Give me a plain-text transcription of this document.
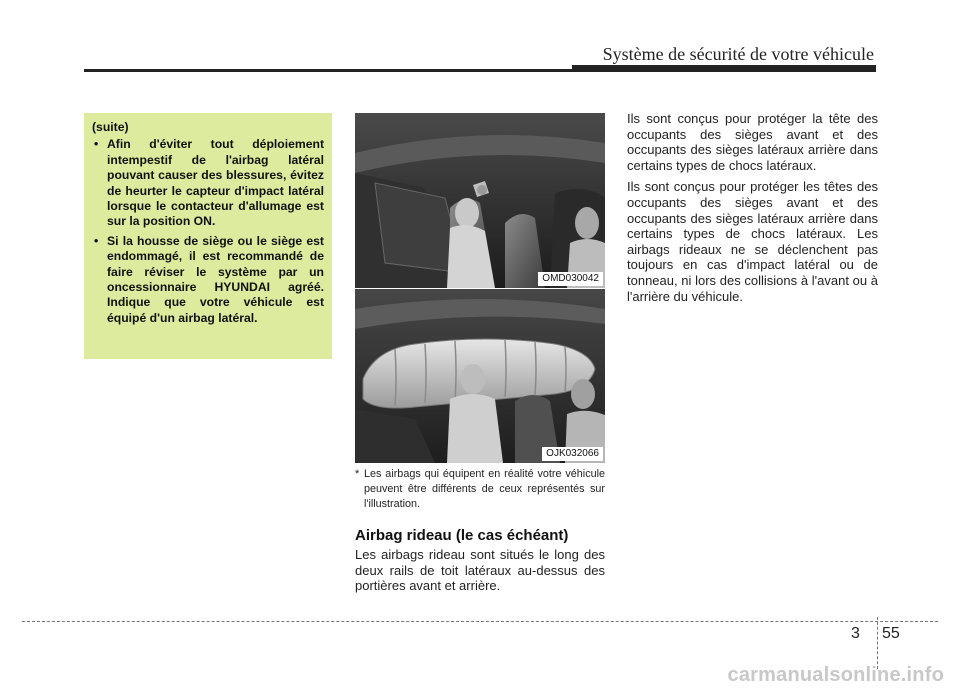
Système de sécurité de votre véhicule
(suite)
• Afin d'éviter tout déploiement intempestif de l'airbag latéral pouvant causer des blessures, évitez de heurter le capteur d'impact latéral lorsque le contacteur d'allumage est sur la position ON.
• Si la housse de siège ou le siège est endommagé, il est recommandé de faire réviser le système par un oncessionnaire HYUNDAI agréé. Indique que votre véhicule est équipé d'un airbag latéral.
OMD030042
OJK032066
* Les airbags qui équipent en réalité votre véhicule peuvent être différents de ceux représentés sur l'illustration.
Airbag rideau (le cas échéant)

Les airbags rideau sont situés le long des deux rails de toit latéraux au-dessus des portières avant et arrière.

Ils sont conçus pour protéger la tête des occupants des sièges avant et des occupants des sièges latéraux arrière dans certains types de chocs latéraux.

Ils sont conçus pour protéger les têtes des occupants des sièges avant et des occupants des sièges latéraux arrière dans certains types de chocs latéraux. Les airbags rideaux ne se déclenchent pas toujours en cas d'impact latéral ou de tonneau, ni lors des collisions à l'avant ou à l'arrière du véhicule.

3 55
carmanualsonline.info
